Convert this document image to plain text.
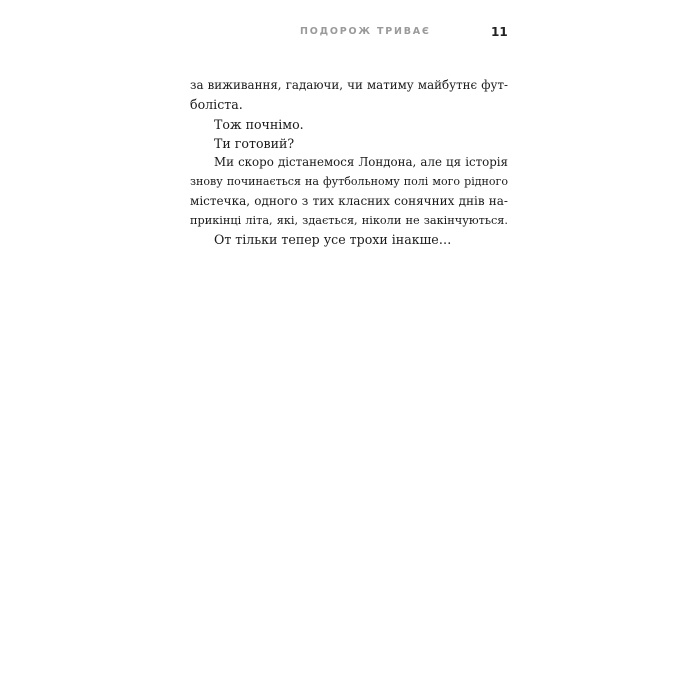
ПОДОРОЖ ТРИВАЄ	11
за виживання, гадаючи, чи матиму майбутнє фут-
боліста.
Тож почнімо.
Ти готовий?
Ми скоро дістанемося Лондона, але ця історія
знову починається на футбольному полі мого рідного
містечка, одного з тих класних сонячних днів на-
прикінці літа, які, здається, ніколи не закінчуються.
От тільки тепер усе трохи інакше…
